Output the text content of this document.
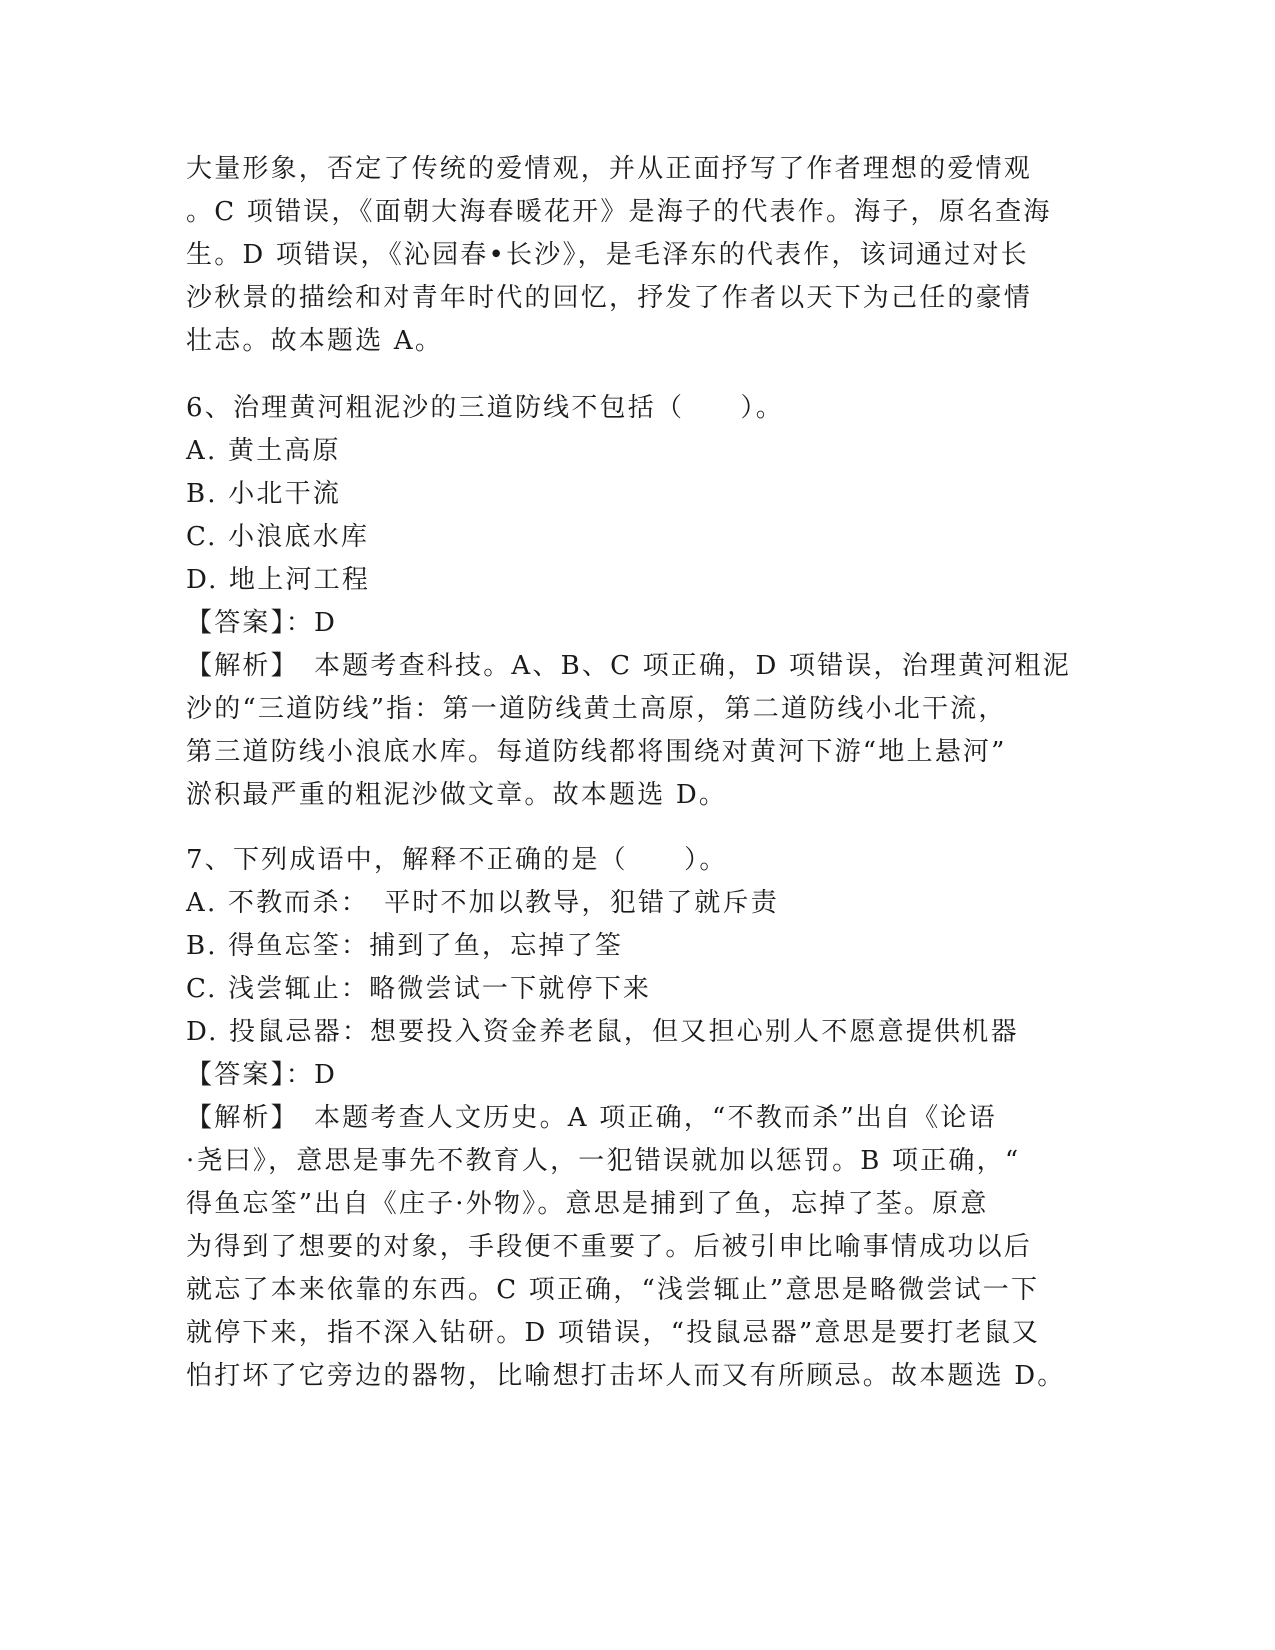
大量形象，否定了传统的爱情观，并从正面抒写了作者理想的爱情观
。C 项错误，《面朝大海春暖花开》是海子的代表作。海子，原名查海
生。D 项错误，《沁园春•长沙》，是毛泽东的代表作，该词通过对长
沙秋景的描绘和对青年时代的回忆，抒发了作者以天下为己任的豪情
壮志。故本题选 A。
6、治理黄河粗泥沙的三道防线不包括（　　）。
A. 黄土高原
B. 小北干流
C. 小浪底水库
D. 地上河工程
【答案】：D
【解析】　本题考查科技。A、B、C 项正确，D 项错误，治理黄河粗泥
沙的“三道防线”指：第一道防线黄土高原，第二道防线小北干流，
第三道防线小浪底水库。每道防线都将围绕对黄河下游“地上悬河”
淤积最严重的粗泥沙做文章。故本题选 D。
7、下列成语中，解释不正确的是（　　）。
A. 不教而杀：　平时不加以教导，犯错了就斥责
B. 得鱼忘筌：捕到了鱼，忘掉了筌
C. 浅尝辄止：略微尝试一下就停下来
D. 投鼠忌器：想要投入资金养老鼠，但又担心别人不愿意提供机器
【答案】：D
【解析】　本题考查人文历史。A 项正确，“不教而杀”出自《论语
·尧曰》，意思是事先不教育人，一犯错误就加以惩罚。B 项正确，“
得鱼忘筌”出自《庄子·外物》。意思是捕到了鱼，忘掉了荃。原意
为得到了想要的对象，手段便不重要了。后被引申比喻事情成功以后
就忘了本来依靠的东西。C 项正确，“浅尝辄止”意思是略微尝试一下
就停下来，指不深入钻研。D 项错误，“投鼠忌器”意思是要打老鼠又
怕打坏了它旁边的器物，比喻想打击坏人而又有所顾忌。故本题选 D。
